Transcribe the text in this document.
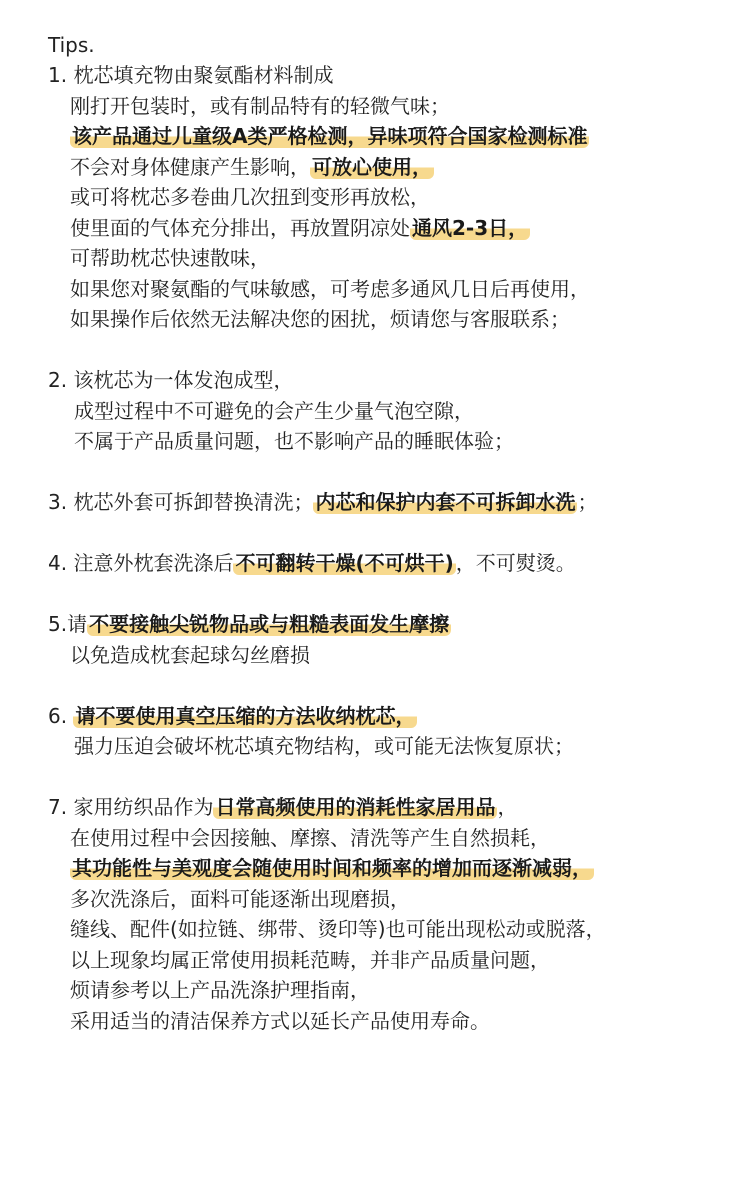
Tips.
1. 枕芯填充物由聚氨酯材料制成
刚打开包装时，或有制品特有的轻微气味；
该产品通过儿童级A类严格检测，异味项符合国家检测标准
不会对身体健康产生影响， 可放心使用，
或可将枕芯多卷曲几次扭到变形再放松，
使里面的气体充分排出，再放置阴凉处 通风2-3日，
可帮助枕芯快速散味，
如果您对聚氨酯的气味敏感，可考虑多通风几日后再使用，
如果操作后依然无法解决您的困扰，烦请您与客服联系；
2. 该枕芯为一体发泡成型，
成型过程中不可避免的会产生少量气泡空隙，
不属于产品质量问题，也不影响产品的睡眠体验；
3. 枕芯外套可拆卸替换清洗； 内芯和保护内套不可拆卸水洗 ；
4. 注意外枕套洗涤后 不可翻转干燥(不可烘干) ，不可熨烫。
5.请 不要接触尖锐物品或与粗糙表面发生摩擦
以免造成枕套起球勾丝磨损
6. 请不要使用真空压缩的方法收纳枕芯，
强力压迫会破坏枕芯填充物结构，或可能无法恢复原状；
7. 家用纺织品作为 日常高频使用的消耗性家居用品 ，
在使用过程中会因接触、摩擦、清洗等产生自然损耗，
其功能性与美观度会随使用时间和频率的增加而逐渐减弱，
多次洗涤后，面料可能逐渐出现磨损，
缝线、配件(如拉链、绑带、烫印等)也可能出现松动或脱落，
以上现象均属正常使用损耗范畴，并非产品质量问题，
烦请参考以上产品洗涤护理指南，
采用适当的清洁保养方式以延长产品使用寿命。
